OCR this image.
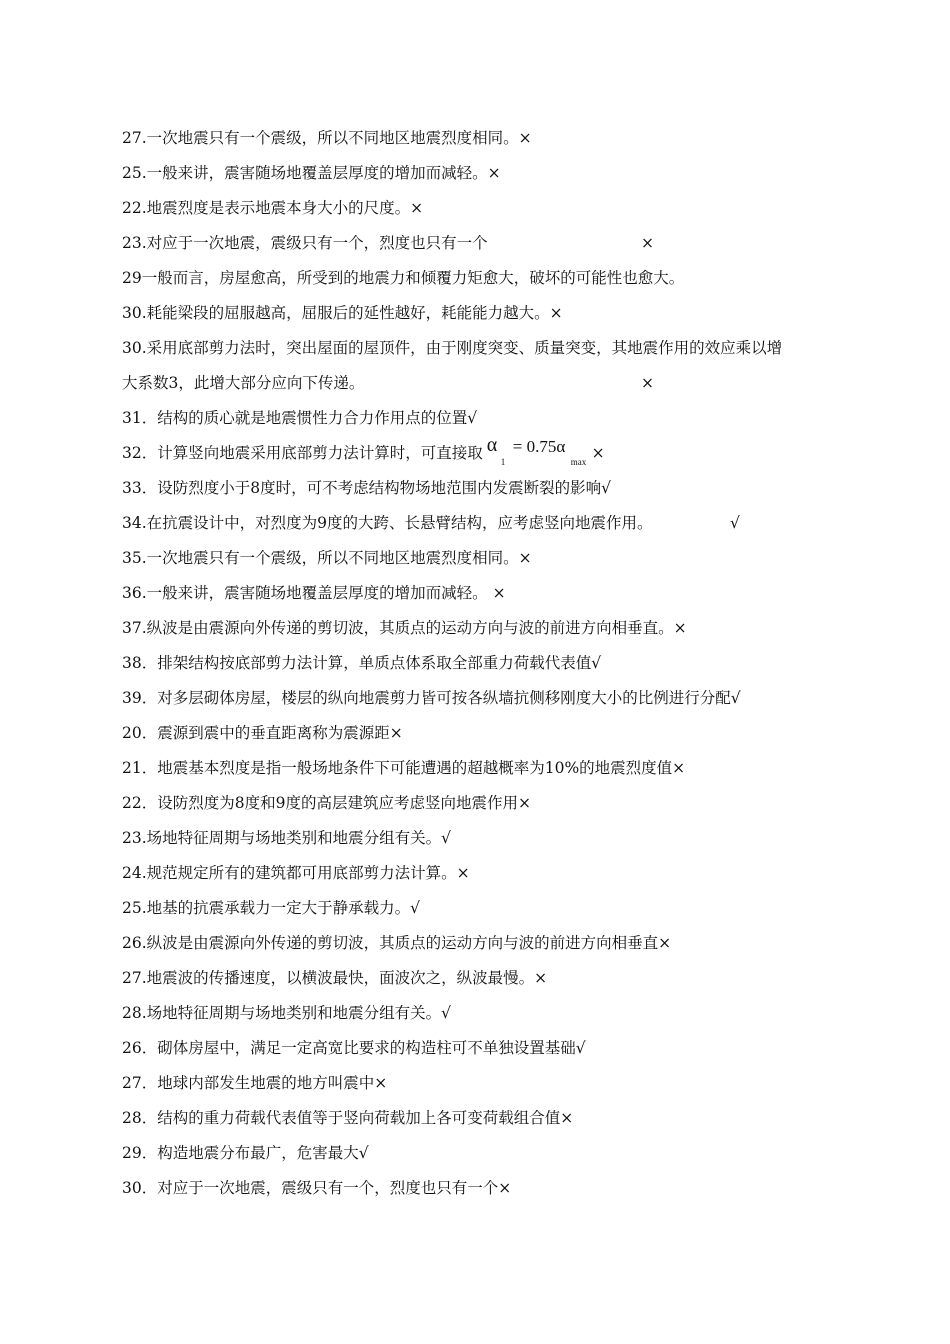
27.一次地震只有一个震级，所以不同地区地震烈度相同。×
25.一般来讲，震害随场地覆盖层厚度的增加而减轻。×
22.地震烈度是表示地震本身大小的尺度。×
23.对应于一次地震，震级只有一个，烈度也只有一个	×
29一般而言，房屋愈高，所受到的地震力和倾覆力矩愈大，破坏的可能性也愈大。
30.耗能梁段的屈服越高，屈服后的延性越好，耗能能力越大。×
30.采用底部剪力法时，突出屋面的屋顶件，由于刚度突变、质量突变，其地震作用的效应乘以增
大系数3，此增大部分应向下传递。	×
31．结构的质心就是地震惯性力合力作用点的位置√
32．计算竖向地震采用底部剪力法计算时，可直接取 α
1
= 0.75α
max ×
33．设防烈度小于8度时，可不考虑结构物场地范围内发震断裂的影响√
34.在抗震设计中，对烈度为9度的大跨、长悬臂结构，应考虑竖向地震作用。	√
35.一次地震只有一个震级，所以不同地区地震烈度相同。×
36.一般来讲，震害随场地覆盖层厚度的增加而减轻。 ×
37.纵波是由震源向外传递的剪切波，其质点的运动方向与波的前进方向相垂直。×
38．排架结构按底部剪力法计算，单质点体系取全部重力荷载代表值√
39．对多层砌体房屋，楼层的纵向地震剪力皆可按各纵墙抗侧移刚度大小的比例进行分配√
20．震源到震中的垂直距离称为震源距×
21．地震基本烈度是指一般场地条件下可能遭遇的超越概率为10%的地震烈度值×
22．设防烈度为8度和9度的高层建筑应考虑竖向地震作用×
23.场地特征周期与场地类别和地震分组有关。√
24.规范规定所有的建筑都可用底部剪力法计算。×
25.地基的抗震承载力一定大于静承载力。√
26.纵波是由震源向外传递的剪切波，其质点的运动方向与波的前进方向相垂直×
27.地震波的传播速度，以横波最快，面波次之，纵波最慢。×
28.场地特征周期与场地类别和地震分组有关。√
26．砌体房屋中，满足一定高宽比要求的构造柱可不单独设置基础√
27．地球内部发生地震的地方叫震中×
28．结构的重力荷载代表值等于竖向荷载加上各可变荷载组合值×
29．构造地震分布最广，危害最大√
30．对应于一次地震，震级只有一个，烈度也只有一个×
